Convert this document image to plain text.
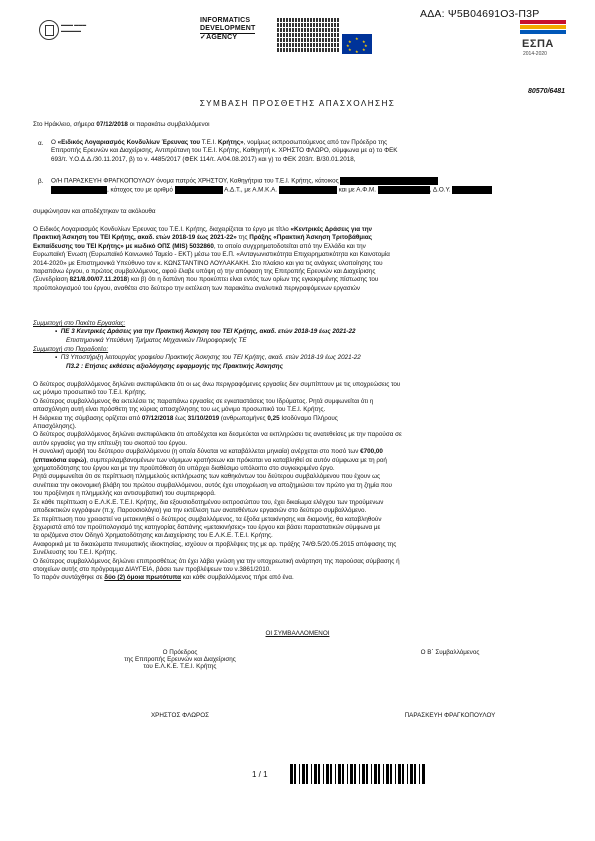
ΑΔΑ: Ψ5Β04691Ο3-Π3Ρ
▬▬▬ ▬▬▬
▬▬▬▬▬
INFORMATICS
DEVELOPMENT
✓AGENCY	★
★	★
★	★
★	★
★
ΕΣΠΑ
2014-2020
80570/6481
ΣΥΜΒΑΣΗ ΠΡΟΣΘΕΤΗΣ ΑΠΑΣΧΟΛΗΣΗΣ
Στο Ηράκλειο, σήμερα 07/12/2018 οι παρακάτω συμβαλλόμενοι
α. Ο «Ειδικός Λογαριασμός Κονδυλίων Έρευνας του Τ.Ε.Ι. Κρήτης», νομίμως εκπροσωπούμενος από τον Πρόεδρο της
Επιτροπής Ερευνών και Διαχείρισης, Αντιπρύτανη του Τ.Ε.Ι. Κρήτης, Καθηγητή κ. ΧΡΗΣΤΟ ΦΛΩΡΟ, σύμφωνα με α) το ΦΕΚ
693/τ. Υ.Ο.Δ.Δ./30.11.2017, β) το ν. 4485/2017 (ΦΕΚ 114/τ. Α/04.08.2017) και γ) το ΦΕΚ 203/τ. Β/30.01.2018,
β. Ο/Η ΠΑΡΑΣΚΕΥΗ ΦΡΑΓΚΟΠΟΥΛΟΥ όνομα πατρός ΧΡΗΣΤΟΥ, Καθηγήτρια του Τ.Ε.Ι. Κρήτης, κάτοικος
, κάτοχος του με αριθμό	Α.Δ.Τ., με Α.Μ.Κ.Α.	και με Α.Φ.Μ.	, Δ.Ο.Υ.
συμφώνησαν και αποδέχτηκαν τα ακόλουθα
Ο Ειδικός Λογαριασμός Κονδυλίων Έρευνας του Τ.Ε.Ι. Κρήτης, διαχειρίζεται το έργο με τίτλο «Κεντρικές Δράσεις για την
Πρακτική Άσκηση του ΤΕΙ Κρήτης, ακαδ. ετών 2018-19 έως 2021-22» της Πράξης «Πρακτική Άσκηση Τριτοβάθμιας
Εκπαίδευσης του ΤΕΙ Κρήτης» με κωδικό ΟΠΣ (ΜIS) 5032860, το οποίο συγχρηματοδοτείται από την Ελλάδα και την
Ευρωπαϊκή Ένωση (Ευρωπαϊκό Κοινωνικό Ταμείο - ΕΚΤ) μέσω του Ε.Π. «Ανταγωνιστικότητα Επιχειρηματικότητα και Καινοτομία
2014-2020» με Επιστημονικά Υπεύθυνο τον κ. ΚΩΝΣΤΑΝΤΙΝΟ ΛΟΥΛΑΚΑΚΗ. Στο πλαίσιο και για τις ανάγκες υλοποίησης του
παραπάνω έργου, ο πρώτος συμβαλλόμενος, αφού έλαβε υπόψη α) την απόφαση της Επιτροπής Ερευνών και Διαχείρισης
(Συνεδρίαση 821/8.00/07.11.2018) και β) ότι η δαπάνη που προκύπτει είναι εντός των ορίων της εγκεκριμένης πίστωσης του
προϋπολογισμού του έργου, αναθέτει στο δεύτερο την εκτέλεση των παρακάτω αναλυτικά περιγραφόμενων εργασιών
Συμμετοχή στο Πακέτο Εργασίας:
▪  ΠΕ 3 Κεντρικές Δράσεις για την Πρακτική Άσκηση του ΤΕΙ Κρήτης, ακαδ. ετών 2018-19 έως 2021-22
Επιστημονικά Υπεύθυνη Τμήματος Μηχανικών Πληροφορικής ΤΕ
Συμμετοχή στο Παραδοτέο:
▪  Π3 Υποστήριξη λειτουργίας γραφείου Πρακτικής Άσκησης του ΤΕΙ Κρήτης, ακαδ. ετών 2018-19 έως 2021-22
Π3.2 : Ετήσιες εκθέσεις αξιολόγησης εφαρμογής της Πρακτικής Άσκησης
Ο δεύτερος συμβαλλόμενος δηλώνει ανεπιφύλακτα ότι οι ως άνω περιγραφόμενες εργασίες δεν συμπίπτουν με τις υποχρεώσεις του
ως μόνιμο προσωπικό του Τ.Ε.Ι. Κρήτης.
Ο δεύτερος συμβαλλόμενος θα εκτελέσει τις παραπάνω εργασίες σε εγκαταστάσεις του Ιδρύματος. Ρητά συμφωνείται ότι η
απασχόληση αυτή είναι πρόσθετη της κύριας απασχόλησης του ως μόνιμο προσωπικό του Τ.Ε.Ι. Κρήτης.
Η διάρκεια της σύμβασης ορίζεται από 07/12/2018 έως 31/10/2019 (ανθρωπομήνες 0,25 Ισοδύναμο Πλήρους
Απασχόλησης).
Ο δεύτερος συμβαλλόμενος δηλώνει ανεπιφύλακτα ότι αποδέχεται και δεσμεύεται να εκπληρώσει τις ανατεθείσες με την παρούσα σε
αυτόν εργασίες για την επίτευξη του σκοπού του έργου.
Η συνολική αμοιβή του δεύτερου συμβαλλόμενου (η οποία δύναται να καταβάλλεται μηνιαία) ανέρχεται στο ποσό των €700,00
(επτακόσια ευρώ), συμπεριλαμβανομένων των νόμιμων κρατήσεων και πρόκειται να καταβληθεί σε αυτόν σύμφωνα με τη ροή
χρηματοδότησης του έργου και με την προϋπόθεση ότι υπάρχει διαθέσιμο υπόλοιπο στο συγκεκριμένο έργο.
Ρητά συμφωνείται ότι σε περίπτωση πλημμελούς εκπλήρωσης των καθηκόντων του δεύτερου συμβαλλόμενου που έχουν ως
συνέπεια την οικονομική βλάβη του πρώτου συμβαλλόμενου, αυτός έχει υποχρέωση να αποζημιώσει τον πρώτο για τη ζημία που
του προξένησε η πλημμελής και αντισυμβατική του συμπεριφορά.
Σε κάθε περίπτωση ο Ε.Λ.Κ.Ε. Τ.Ε.Ι. Κρήτης, δια εξουσιοδοτημένου εκπροσώπου του, έχει δικαίωμα ελέγχου των τηρούμενων
αποδεικτικών εγγράφων (π.χ. Παρουσιολόγιο) για την εκτέλεση των ανατεθέντων εργασιών στο δεύτερο συμβαλλόμενο.
Σε περίπτωση που χρειαστεί να μετακινηθεί ο δεύτερος συμβαλλόμενος, τα έξοδα μετακίνησης και διαμονής, θα καταβληθούν
ξεχωριστά από τον προϋπολογισμό της κατηγορίας δαπάνης «μετακινήσεις» του έργου και βάσει παραστατικών σύμφωνα με
τα οριζόμενα στον Οδηγό Χρηματοδότησης και Διαχείρισης του Ε.Λ.Κ.Ε. Τ.Ε.Ι. Κρήτης.
Αναφορικά με τα δικαιώματα πνευματικής ιδιοκτησίας, ισχύουν οι προβλέψεις της με αρ. πράξης 74/Θ.5/20.05.2015 απόφασης της
Συνέλευσης του Τ.Ε.Ι. Κρήτης.
Ο δεύτερος συμβαλλόμενος δηλώνει επιπροσθέτως ότι έχει λάβει γνώση για την υποχρεωτική ανάρτηση της παρούσας σύμβασης ή
στοιχείων αυτής στο πρόγραμμα ΔΙΑΥΓΕΙΑ, βάσει των προβλέψεων του ν.3861/2010.
Το παρόν συντάχθηκε σε δύο (2) όμοια πρωτότυπα και κάθε συμβαλλόμενος πήρε από ένα.
ΟΙ ΣΥΜΒΑΛΛΟΜΕΝΟΙ
Ο Πρόεδρος
της Επιτροπής Ερευνών και Διαχείρισης
του Ε.Λ.Κ.Ε. Τ.Ε.Ι. Κρήτης
Ο Β΄ Συμβαλλόμενος
ΧΡΗΣΤΟΣ ΦΛΩΡΟΣ	ΠΑΡΑΣΚΕΥΗ ΦΡΑΓΚΟΠΟΥΛΟΥ
1 / 1
